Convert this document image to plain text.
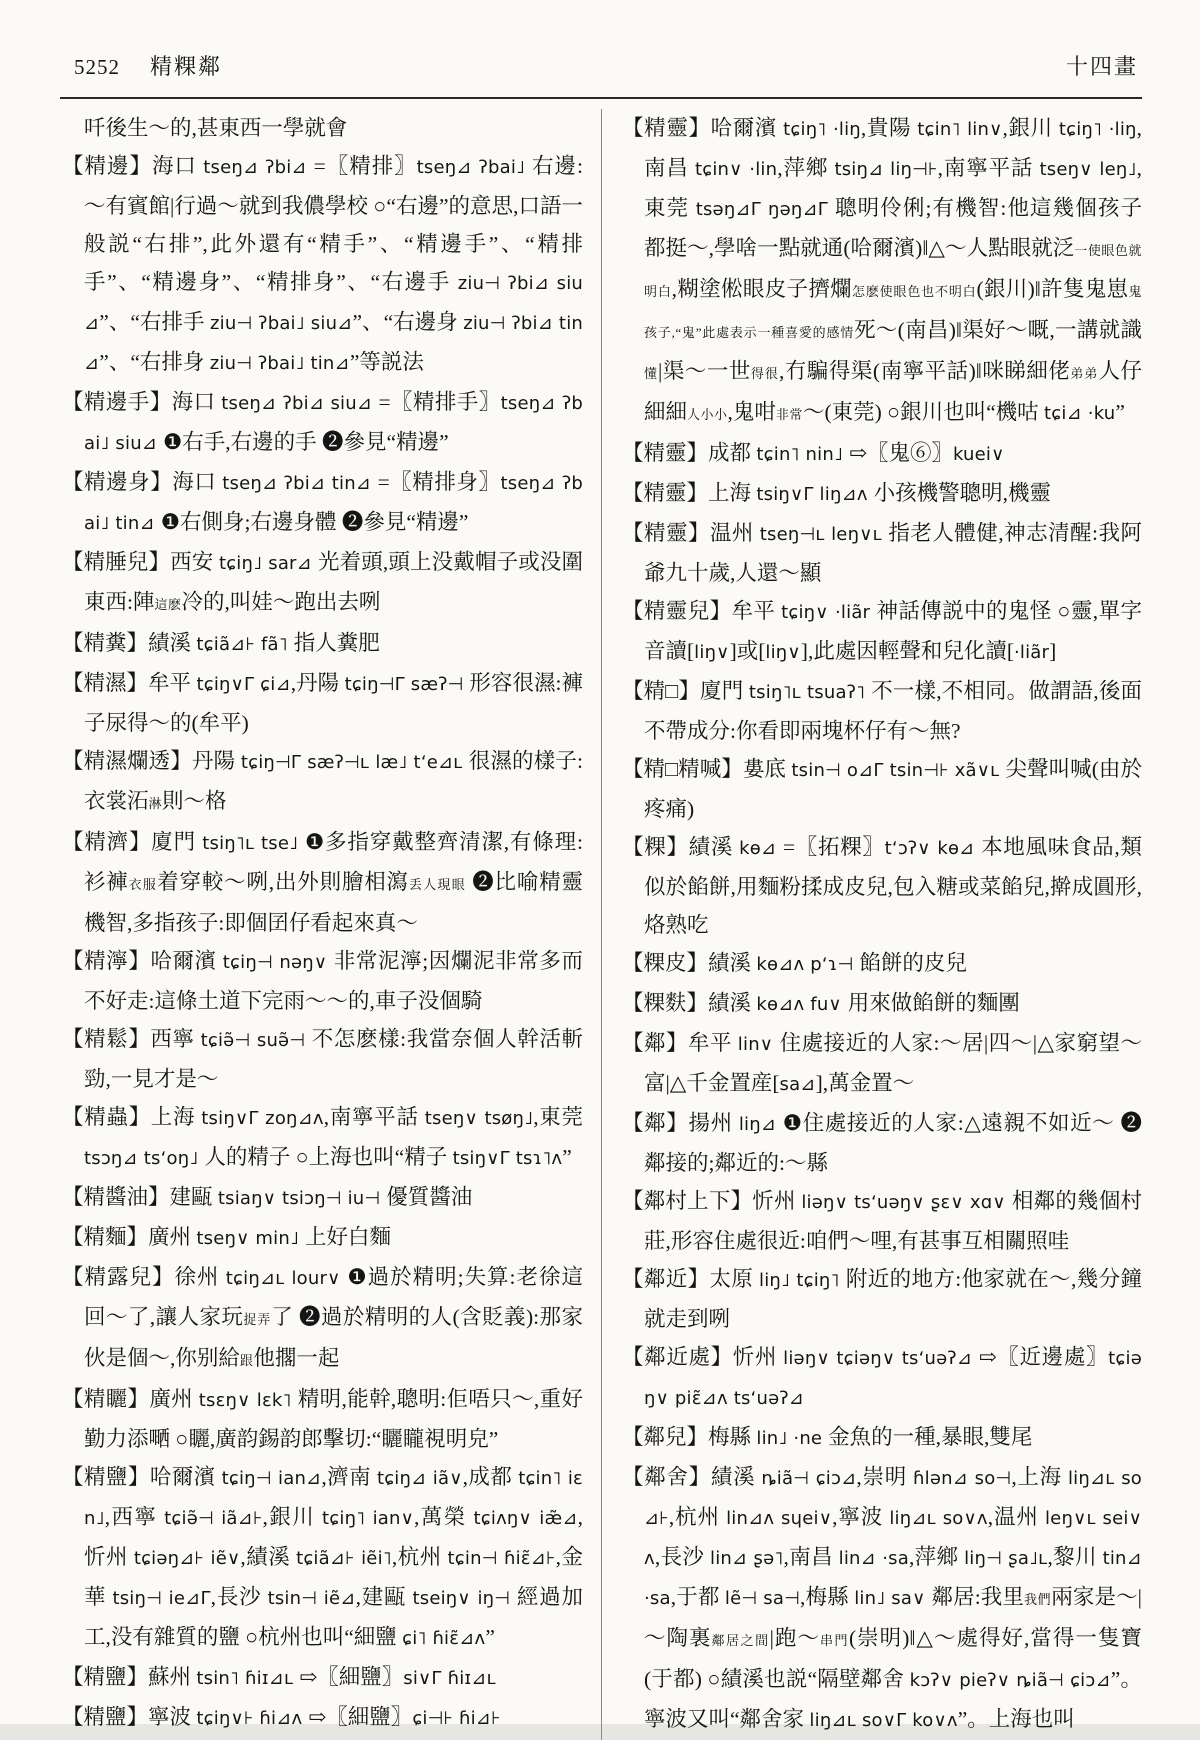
5252 精粿鄰	十四畫

吀後生～的,甚東西一學就會

【精邊】海口 tseŋ⊿ ʔbi⊿ =〖精排〗tseŋ⊿ ʔbai˩ 右邊:～有賓館|行過～就到我儂學校 ○“右邊”的意思,口語一般説“右排”,此外還有“精手”、“精邊手”、“精排手”、“精邊身”、“精排身”、“右邊手 ziu⊣ ʔbi⊿ siu⊿”、“右排手 ziu⊣ ʔbai˩ siu⊿”、“右邊身 ziu⊣ ʔbi⊿ tin⊿”、“右排身 ziu⊣ ʔbai˩ tin⊿”等説法

【精邊手】海口 tseŋ⊿ ʔbi⊿ siu⊿ =〖精排手〗tseŋ⊿ ʔbai˩ siu⊿ ❶右手,右邊的手 ❷參見“精邊”

【精邊身】海口 tseŋ⊿ ʔbi⊿ tin⊿ =〖精排身〗tseŋ⊿ ʔbai˩ tin⊿ ❶右側身;右邊身體 ❷參見“精邊”

【精腄兒】西安 tɕiŋ˩ sar⊿ 光着頭,頭上没戴帽子或没圍東西:陣這麽冷的,叫娃～跑出去咧

【精糞】績溪 tɕiã⊿⊦ fã˥ 指人糞肥

【精濕】牟平 tɕiŋ∨Γ ɕi⊿,丹陽 tɕiŋ⊣Γ sæʔ⊣ 形容很濕:褲子尿得～的(牟平)

【精濕爛透】丹陽 tɕiŋ⊣Γ sæʔ⊣ʟ læ˩ tʻe⊿ʟ 很濕的樣子:衣裳沰淋則～格

【精濟】廈門 tsiŋ˥ʟ tse˩ ❶多指穿戴整齊清潔,有條理:衫褲衣服着穿較～咧,出外則膾相瀉丢人現眼 ❷比喻精靈機智,多指孩子:即個囝仔看起來真～

【精濘】哈爾濱 tɕiŋ⊣ nəŋ∨ 非常泥濘;因爛泥非常多而不好走:這條土道下完雨～～的,車子没個騎

【精鬆】西寧 tɕiə̃⊣ suə̃⊣ 不怎麽樣:我當奈個人幹活斬勁,一見才是～

【精蟲】上海 tsiŋ∨Γ zoŋ⊿ʌ,南寧平話 tseŋ∨ tsøŋ˩,東莞 tsɔŋ⊿ tsʻoŋ˩ 人的精子 ○上海也叫“精子 tsiŋ∨Γ tsɿ˥ʌ”

【精醬油】建甌 tsiaŋ∨ tsiɔŋ⊣ iu⊣ 優質醬油

【精麵】廣州 tseŋ∨ min˩ 上好白麵

【精露兒】徐州 tɕiŋ⊿ʟ lour∨ ❶過於精明;失算:老徐這回～了,讓人家玩捉弄了 ❷過於精明的人(含貶義):那家伙是個～,你别給跟他擱一起

【精矖】廣州 tsɛŋ∨ lɛk˥ 精明,能幹,聰明:佢唔只～,重好勤力添嗮 ○矖,廣韵錫韵郎擊切:“矖矓視明皃”

【精鹽】哈爾濱 tɕiŋ⊣ ian⊿,濟南 tɕiŋ⊿ iã∨,成都 tɕin˥ iɛn˩,西寧 tɕiə̃⊣ iã⊿⊦,銀川 tɕiŋ˥ ian∨,萬榮 tɕiʌŋ∨ iæ̃⊿,忻州 tɕiəŋ⊿⊦ iẽ∨,績溪 tɕiã⊿⊦ iẽi˥,杭州 tɕin⊣ ɦiɛ̃⊿⊦,金華 tsiŋ⊣ ie⊿Γ,長沙 tsin⊣ iẽ⊿,建甌 tseiŋ∨ iŋ⊣ 經過加工,没有雜質的鹽 ○杭州也叫“細鹽 ɕi˥ ɦiɛ̃⊿ʌ”

【精鹽】蘇州 tsin˥ ɦiɪ⊿ʟ ⇨〖細鹽〗si∨Γ ɦiɪ⊿ʟ

【精鹽】寧波 tɕiŋ∨⊦ ɦi⊿ʌ ⇨〖細鹽〗ɕi⊣⊦ ɦi⊿⊦

【精靈】哈爾濱 tɕiŋ˥ ·liŋ,貴陽 tɕin˥ lin∨,銀川 tɕiŋ˥ ·liŋ,南昌 tɕin∨ ·lin,萍鄉 tsiŋ⊿ liŋ⊣⊦,南寧平話 tseŋ∨ leŋ˩,東莞 tsəŋ⊿Γ ŋəŋ⊿Γ 聰明伶俐;有機智:他這幾個孩子都挺～,學啥一點就通(哈爾濱)‖△～人點眼就泛一使眼色就明白,糊塗倯眼皮子擠爛怎麽使眼色也不明白(銀川)‖許隻鬼崽鬼孩子,“鬼”此處表示一種喜愛的感情死～(南昌)‖渠好～嘅,一講就識懂|渠～一世得很,冇騙得渠(南寧平話)‖咪睇細佬弟弟人仔細細人小小,鬼咁非常～(東莞) ○銀川也叫“機咕 tɕi⊿ ·ku”

【精靈】成都 tɕin˥ nin˩ ⇨〖鬼⑥〗kuei∨

【精靈】上海 tsiŋ∨Γ liŋ⊿ʌ 小孩機警聰明,機靈

【精靈】温州 tseŋ⊣ʟ leŋ∨ʟ 指老人體健,神志清醒:我阿爺九十歲,人還～顯

【精靈兒】牟平 tɕiŋ∨ ·liãr 神話傳説中的鬼怪 ○靈,單字音讀[liŋ∨]或[liŋ∨],此處因輕聲和兒化讀[·liãr]

【精□】廈門 tsiŋ˥ʟ tsuaʔ˥ 不一樣,不相同。做謂語,後面不帶成分:你看即兩塊杯仔有～無?

【精□精喊】婁底 tsin⊣ o⊿Γ tsin⊣⊦ xã∨ʟ 尖聲叫喊(由於疼痛)

【粿】績溪 kɵ⊿ =〖拓粿〗tʻɔʔ∨ kɵ⊿ 本地風味食品,類似於餡餅,用麵粉揉成皮兒,包入糖或菜餡兒,擀成圓形,烙熟吃

【粿皮】績溪 kɵ⊿ʌ pʻɿ⊣ 餡餅的皮兒

【粿麩】績溪 kɵ⊿ʌ fu∨ 用來做餡餅的麵團

【鄰】牟平 lin∨ 住處接近的人家:～居|四～|△家窮望～富|△千金置産[sa⊿],萬金置～

【鄰】揚州 liŋ⊿ ❶住處接近的人家:△遠親不如近～ ❷鄰接的;鄰近的:～縣

【鄰村上下】忻州 liəŋ∨ tsʻuəŋ∨ ʂɛ∨ xɑ∨ 相鄰的幾個村莊,形容住處很近:咱們～哩,有甚事互相關照哇

【鄰近】太原 liŋ˩ tɕiŋ˥ 附近的地方:他家就在～,幾分鐘就走到咧

【鄰近處】忻州 liəŋ∨ tɕiəŋ∨ tsʻuəʔ⊿ ⇨〖近邊處〗tɕiəŋ∨ piɛ̃⊿ʌ tsʻuəʔ⊿

【鄰兒】梅縣 lin˩ ·ne 金魚的一種,暴眼,雙尾

【鄰舍】績溪 ȵiã⊣ ɕiɔ⊿,崇明 ɦlən⊿ so⊣,上海 liŋ⊿ʟ so⊿⊦,杭州 lin⊿ʌ sɥei∨,寧波 liŋ⊿ʟ so∨ʌ,温州 leŋ∨ʟ sei∨ʌ,長沙 lin⊿ ʂə˥,南昌 lin⊿ ·sa,萍鄉 liŋ⊣ ʂa˩ʟ,黎川 tin⊿ ·sa,于都 lẽ⊣ sa⊣,梅縣 lin˩ sa∨ 鄰居:我里我們兩家是～|～陶裏鄰居之間|跑～串門(崇明)‖△～處得好,當得一隻寶(于都) ○績溪也説“隔壁鄰舍 kɔʔ∨ pieʔ∨ ȵiã⊣ ɕiɔ⊿”。寧波又叫“鄰舍家 liŋ⊿ʟ so∨Γ ko∨ʌ”。上海也叫
